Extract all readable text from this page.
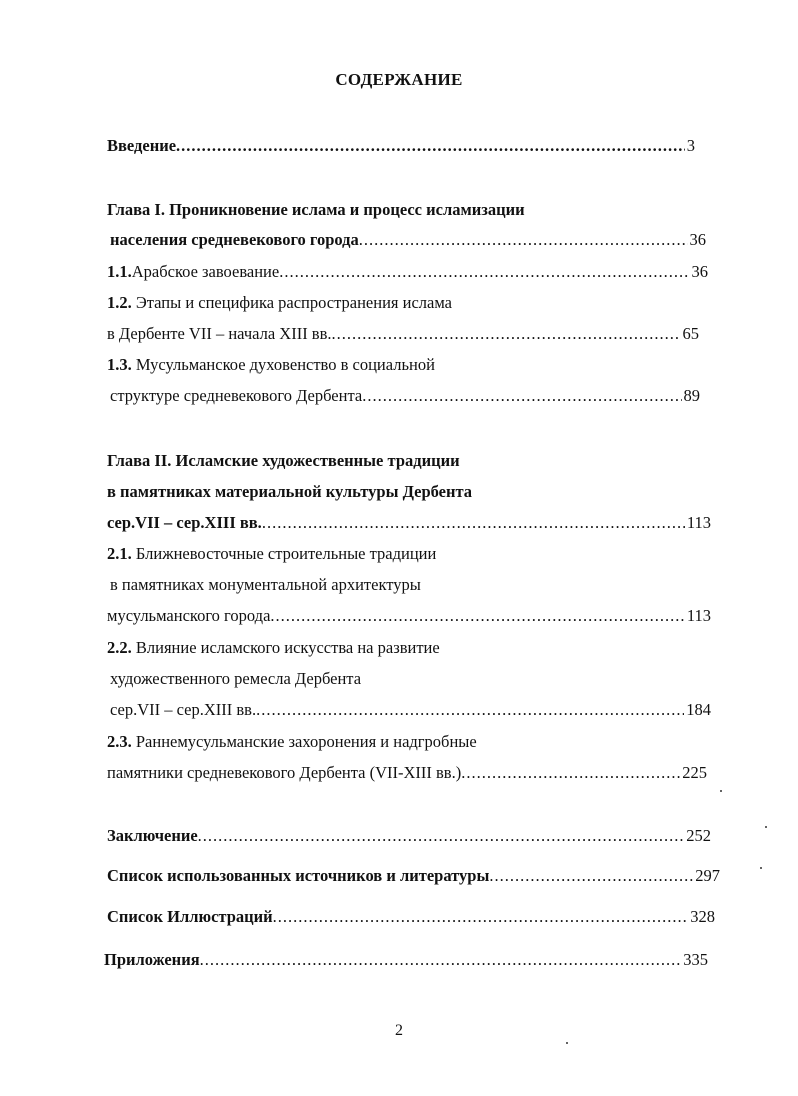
СОДЕРЖАНИЕ
Введение .....	3
Глава I. Проникновение ислама и процесс исламизации
населения средневекового города .....	36
1.1. Арабское завоевание .....	36
1.2. Этапы и специфика распространения ислама
в Дербенте VII – начала XIII вв. .....	65
1.3. Мусульманское духовенство в социальной
структуре средневекового Дербента .....	89
Глава II. Исламские художественные традиции
в памятниках материальной культуры Дербента
сер.VII – сер.XIII вв. .....	113
2.1. Ближневосточные строительные традиции
в памятниках монументальной архитектуры
мусульманского города .....	113
2.2. Влияние исламского искусства на развитие
художественного ремесла Дербента
сер.VII – сер.XIII вв. .....	184
2.3. Раннемусульманские захоронения и надгробные
памятники средневекового Дербента (VII-XIII вв.) .....	225
Заключение .....	252
Список использованных источников и литературы .....	297
Список Иллюстраций .....	328
Приложения .....	335
2
